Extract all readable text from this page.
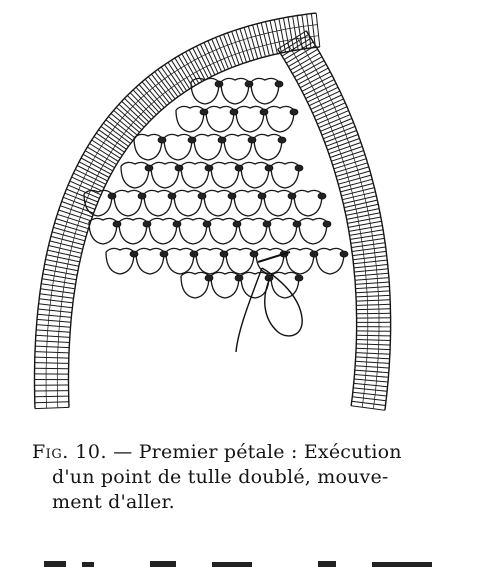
Fig. 10. — Premier pétale : Exécution
d'un point de tulle doublé, mouve-
ment d'aller.
